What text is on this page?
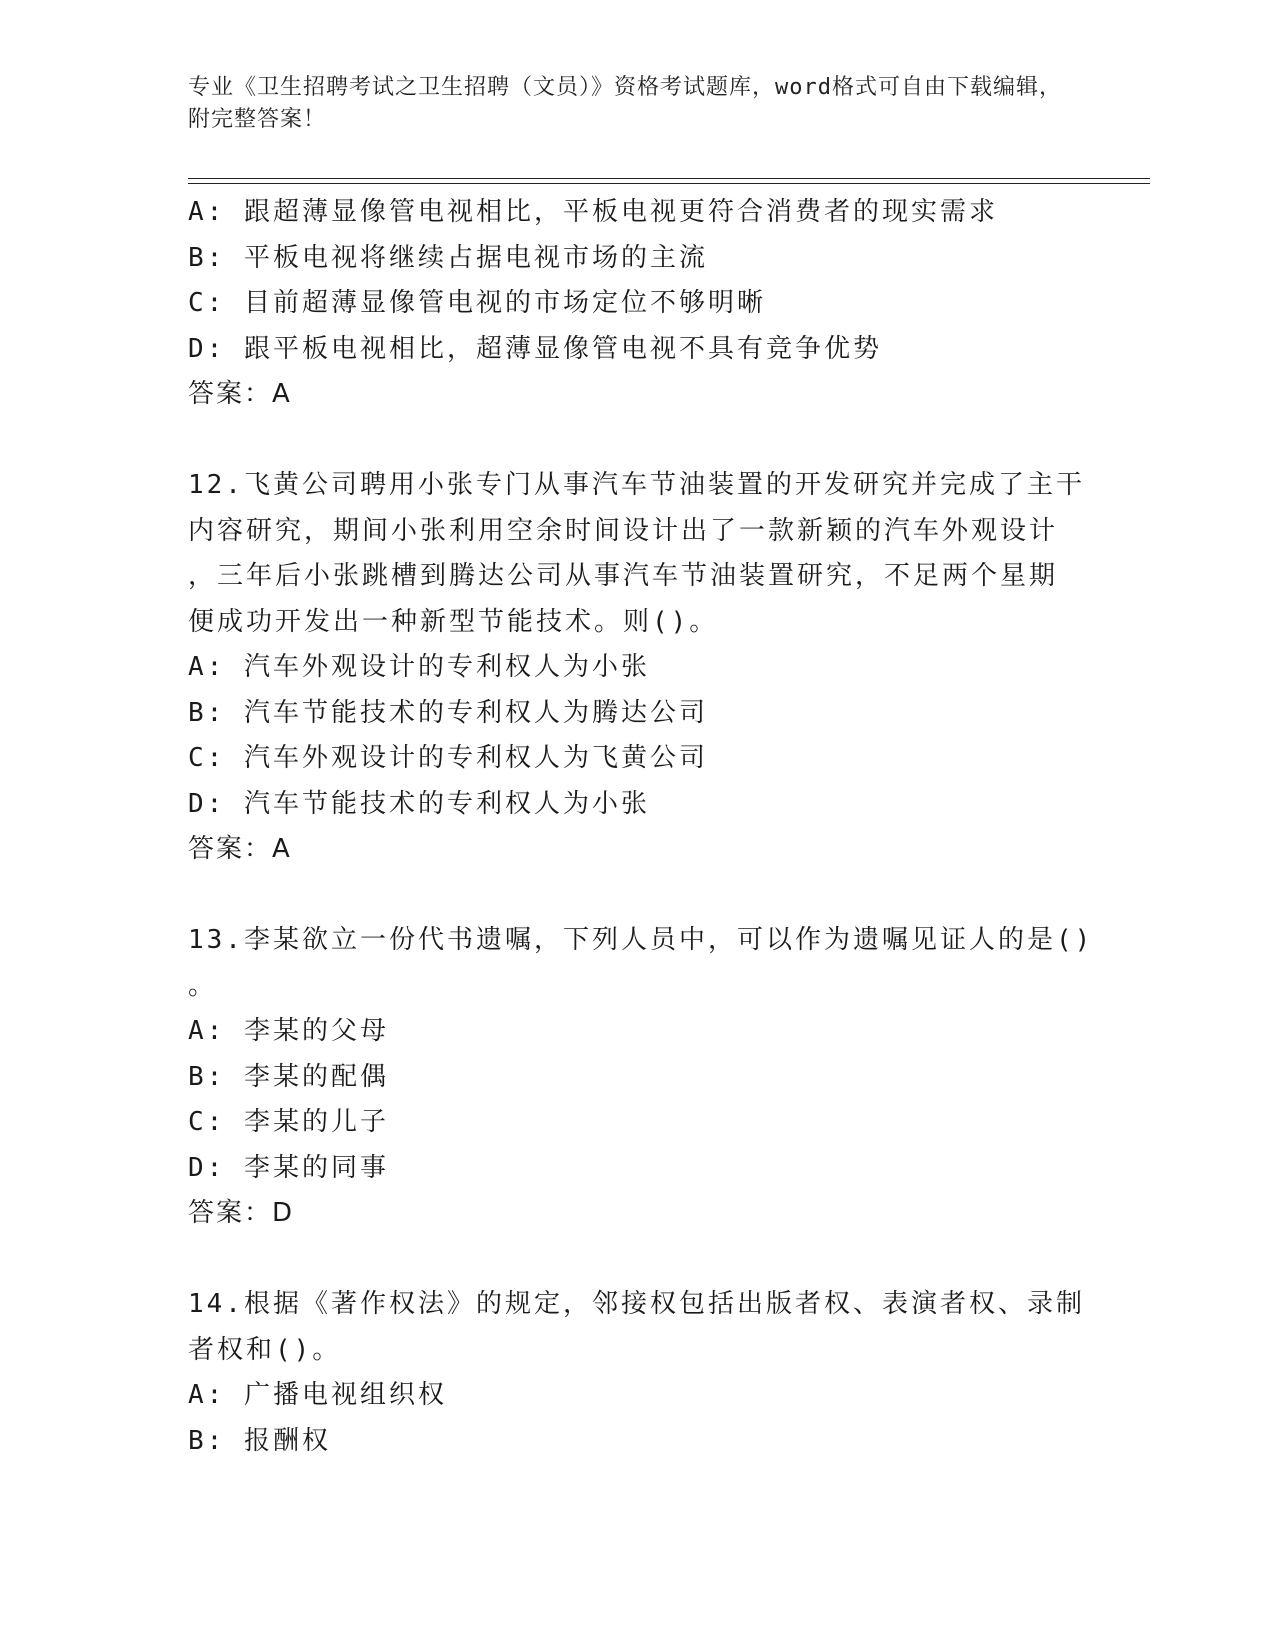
专业《卫生招聘考试之卫生招聘（文员）》资格考试题库，word格式可自由下载编辑，附完整答案！
A: 跟超薄显像管电视相比，平板电视更符合消费者的现实需求
B: 平板电视将继续占据电视市场的主流
C: 目前超薄显像管电视的市场定位不够明晰
D: 跟平板电视相比，超薄显像管电视不具有竞争优势
答案：A
12.飞黄公司聘用小张专门从事汽车节油装置的开发研究并完成了主干
内容研究，期间小张利用空余时间设计出了一款新颖的汽车外观设计
，三年后小张跳槽到腾达公司从事汽车节油装置研究，不足两个星期
便成功开发出一种新型节能技术。则()。
A: 汽车外观设计的专利权人为小张
B: 汽车节能技术的专利权人为腾达公司
C: 汽车外观设计的专利权人为飞黄公司
D: 汽车节能技术的专利权人为小张
答案：A
13.李某欲立一份代书遗嘱，下列人员中，可以作为遗嘱见证人的是()
。
A: 李某的父母
B: 李某的配偶
C: 李某的儿子
D: 李某的同事
答案：D
14.根据《著作权法》的规定，邻接权包括出版者权、表演者权、录制
者权和()。
A: 广播电视组织权
B: 报酬权
